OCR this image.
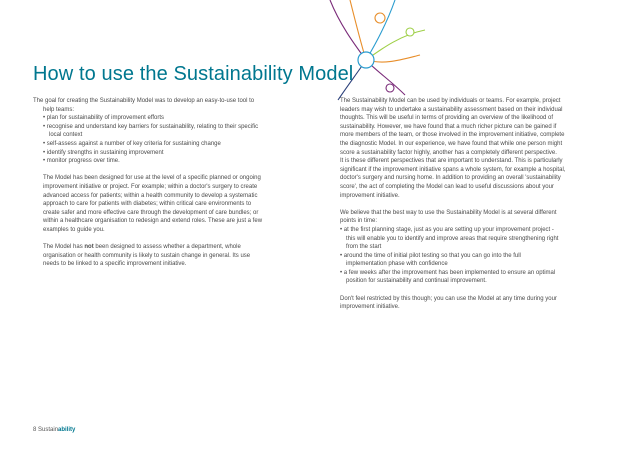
How to use the Sustainability Model

The goal for creating the Sustainability Model was to develop an easy-to-use tool to

help teams:

• plan for sustainability of improvement efforts

• recognise and understand key barriers for sustainability, relating to their specific

local context

• self-assess against a number of key criteria for sustaining change

• identify strengths in sustaining improvement

• monitor progress over time.

The Model has been designed for use at the level of a specific planned or ongoing

improvement initiative or project. For example; within a doctor's surgery to create

advanced access for patients; within a health community to develop a systematic

approach to care for patients with diabetes; within critical care environments to

create safer and more effective care through the development of care bundles; or

within a healthcare organisation to redesign and extend roles. These are just a few

examples to guide you.

The Model has not been designed to assess whether a department, whole

organisation or health community is likely to sustain change in general. Its use

needs to be linked to a specific improvement initiative.

The Sustainability Model can be used by individuals or teams. For example, project

leaders may wish to undertake a sustainability assessment based on their individual

thoughts. This will be useful in terms of providing an overview of the likelihood of

sustainability. However, we have found that a much richer picture can be gained if

more members of the team, or those involved in the improvement initiative, complete

the diagnostic Model. In our experience, we have found that while one person might

score a sustainability factor highly, another has a completely different perspective.

It is these different perspectives that are important to understand. This is particularly

significant if the improvement initiative spans a whole system, for example a hospital,

doctor's surgery and nursing home. In addition to providing an overall 'sustainability

score', the act of completing the Model can lead to useful discussions about your

improvement initiative.

We believe that the best way to use the Sustainability Model is at several different

points in time:

• at the first planning stage, just as you are setting up your improvement project -

this will enable you to identify and improve areas that require strengthening right

from the start

• around the time of initial pilot testing so that you can go into the full

implementation phase with confidence

• a few weeks after the improvement has been implemented to ensure an optimal

position for sustainability and continual improvement.

Don't feel restricted by this though; you can use the Model at any time during your

improvement initiative.

8 Sustainability
